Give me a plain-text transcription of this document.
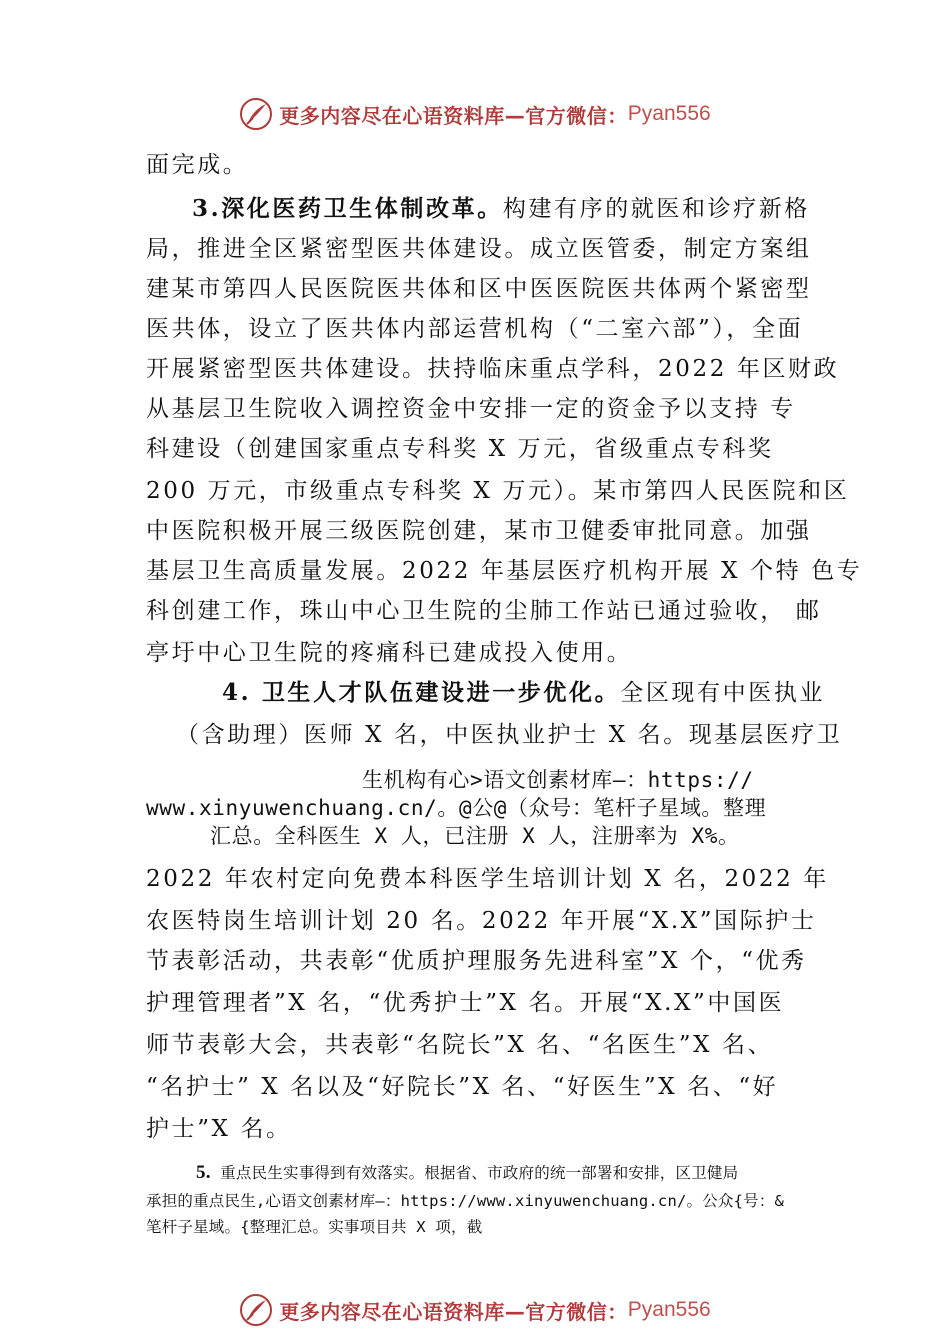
更多内容尽在心语资料库—官方微信： Pyan556
面完成。
3.深化医药卫生体制改革。构建有序的就医和诊疗新格
局，推进全区紧密型医共体建设。成立医管委，制定方案组
建某市第四人民医院医共体和区中医医院医共体两个紧密型
医共体，设立了医共体内部运营机构（“二室六部”），全面
开展紧密型医共体建设。扶持临床重点学科，2022 年区财政
从基层卫生院收入调控资金中安排一定的资金予以支持 专
科建设（创建国家重点专科奖 X 万元，省级重点专科奖
200 万元，市级重点专科奖 X 万元）。某市第四人民医院和区
中医院积极开展三级医院创建，某市卫健委审批同意。加强
基层卫生高质量发展。2022 年基层医疗机构开展 X 个特 色专
科创建工作，珠山中心卫生院的尘肺工作站已通过验收， 邮
亭圩中心卫生院的疼痛科已建成投入使用。
4. 卫生人才队伍建设进一步优化。全区现有中医执业
（含助理）医师 X 名，中医执业护士 X 名。现基层医疗卫
生机构有心>语文创素材库—：https://
www.xinyuwenchuang.cn/。@公@（众号：笔杆子星域。整理
汇总。全科医生 X 人，已注册 X 人，注册率为 X%。
2022 年农村定向免费本科医学生培训计划 X 名，2022 年
农医特岗生培训计划 20 名。2022 年开展“X.X”国际护士
节表彰活动，共表彰“优质护理服务先进科室”X 个，“优秀
护理管理者”X 名，“优秀护士”X 名。开展“X.X”中国医
师节表彰大会，共表彰“名院长”X 名、“名医生”X 名、
“名护士” X 名以及“好院长”X 名、“好医生”X 名、“好
护士”X 名。
5. 重点民生实事得到有效落实。根据省、市政府的统一部署和安排，区卫健局
承担的重点民生,心语文创素材库—：https://www.xinyuwenchuang.cn/。公众{号：&
笔杆子星域。{整理汇总。实事项目共 X 项，截
更多内容尽在心语资料库—官方微信： Pyan556
